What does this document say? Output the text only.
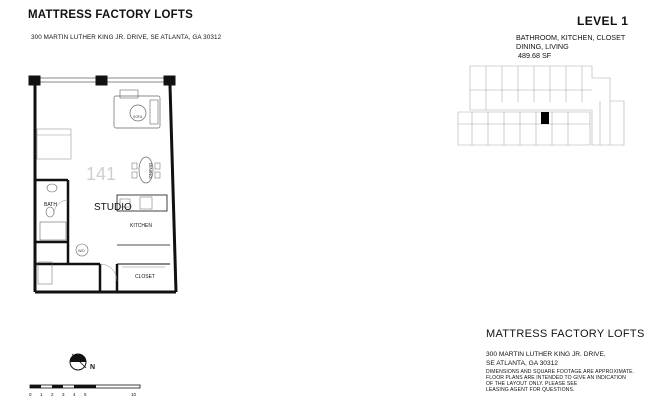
MATTRESS FACTORY LOFTS
300 MARTIN LUTHER KING JR. DRIVE, SE ATLANTA, GA 30312
LEVEL 1
BATHROOM, KITCHEN, CLOSET
DINING, LIVING
489.68 SF
141
STUDIO
BATH
KITCHEN
CLOSET
DINING
SOFA
W/D
N
0 1 2 3 4 5	10
MATTRESS FACTORY LOFTS
300 MARTIN LUTHER KING JR. DRIVE,
SE ATLANTA, GA 30312
DIMENSIONS AND SQUARE FOOTAGE ARE APPROXIMATE.
FLOOR PLANS ARE INTENDED TO GIVE AN INDICATION
OF THE LAYOUT ONLY. PLEASE SEE
LEASING AGENT FOR QUESTIONS.
